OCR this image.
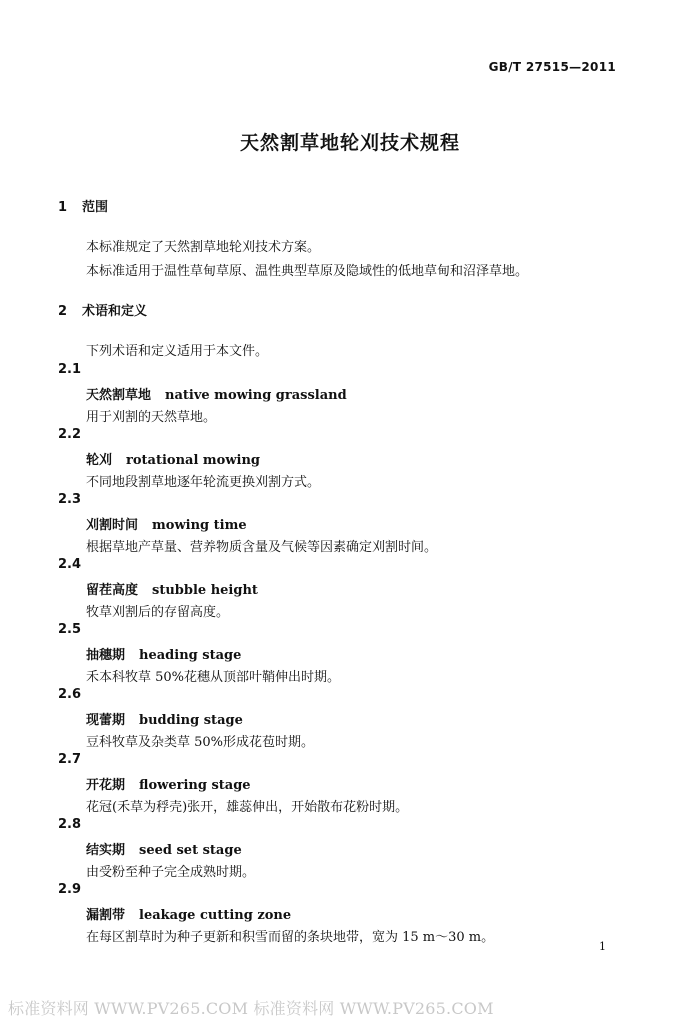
GB/T 27515—2011
天然割草地轮刈技术规程
1 范围
本标准规定了天然割草地轮刈技术方案。
本标准适用于温性草甸草原、温性典型草原及隐域性的低地草甸和沼泽草地。
2 术语和定义
下列术语和定义适用于本文件。
2.1
天然割草地 native mowing grassland
用于刈割的天然草地。
2.2
轮刈 rotational mowing
不同地段割草地逐年轮流更换刈割方式。
2.3
刈割时间 mowing time
根据草地产草量、营养物质含量及气候等因素确定刈割时间。
2.4
留茬高度 stubble height
牧草刈割后的存留高度。
2.5
抽穗期 heading stage
禾本科牧草 50%花穗从顶部叶鞘伸出时期。
2.6
现蕾期 budding stage
豆科牧草及杂类草 50%形成花苞时期。
2.7
开花期 flowering stage
花冠(禾草为稃壳)张开，雄蕊伸出，开始散布花粉时期。
2.8
结实期 seed set stage
由受粉至种子完全成熟时期。
2.9
漏割带 leakage cutting zone
在每区割草时为种子更新和积雪而留的条块地带，宽为 15 m～30 m。
1
标准资料网 WWW.PV265.COM 标准资料网 WWW.PV265.COM
